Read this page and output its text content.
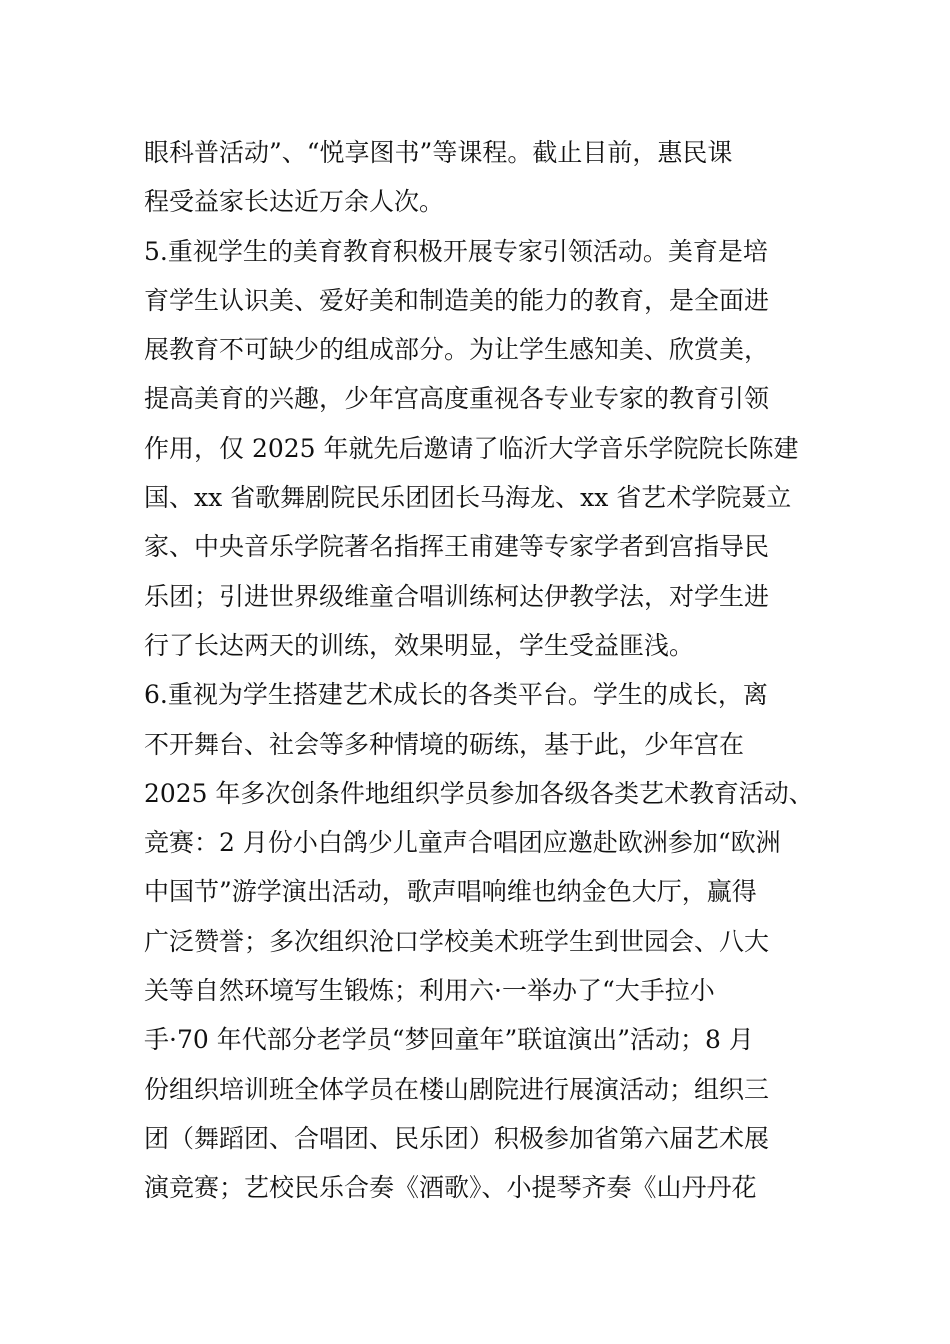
眼科普活动”、“悦享图书”等课程。截止目前，惠民课
程受益家长达近万余人次。
5.重视学生的美育教育积极开展专家引领活动。美育是培
育学生认识美、爱好美和制造美的能力的教育，是全面进
展教育不可缺少的组成部分。为让学生感知美、欣赏美，
提高美育的兴趣，少年宫高度重视各专业专家的教育引领
作用，仅 2025 年就先后邀请了临沂大学音乐学院院长陈建
国、xx 省歌舞剧院民乐团团长马海龙、xx 省艺术学院聂立
家、中央音乐学院著名指挥王甫建等专家学者到宫指导民
乐团；引进世界级维童合唱训练柯达伊教学法，对学生进
行了长达两天的训练，效果明显，学生受益匪浅。
6.重视为学生搭建艺术成长的各类平台。学生的成长，离
不开舞台、社会等多种情境的砺练，基于此，少年宫在
2025 年多次创条件地组织学员参加各级各类艺术教育活动、
竞赛：2 月份小白鸽少儿童声合唱团应邀赴欧洲参加“欧洲
中国节”游学演出活动，歌声唱响维也纳金色大厅，赢得
广泛赞誉；多次组织沧口学校美术班学生到世园会、八大
关等自然环境写生锻炼；利用六·一举办了“大手拉小
手·70 年代部分老学员“梦回童年”联谊演出”活动；8 月
份组织培训班全体学员在楼山剧院进行展演活动；组织三
团（舞蹈团、合唱团、民乐团）积极参加省第六届艺术展
演竞赛；艺校民乐合奏《酒歌》、小提琴齐奏《山丹丹花
